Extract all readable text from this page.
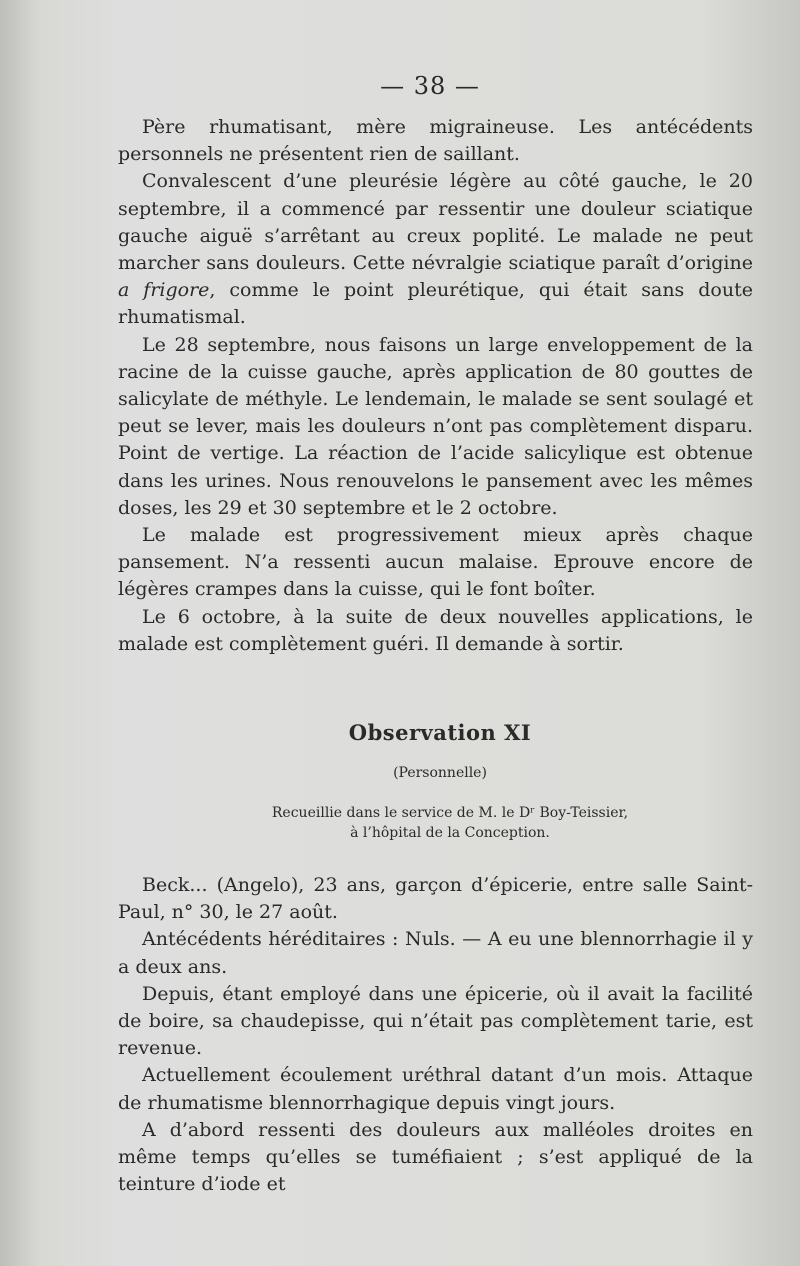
— 38 —

Père rhumatisant, mère migraineuse. Les antécédents personnels ne présentent rien de saillant.

Convalescent d’une pleurésie légère au côté gauche, le 20 septembre, il a commencé par ressentir une douleur sciatique gauche aiguë s’arrêtant au creux poplité. Le malade ne peut marcher sans douleurs. Cette névralgie sciatique paraît d’origine a frigore, comme le point pleurétique, qui était sans doute rhumatismal.

Le 28 septembre, nous faisons un large enveloppement de la racine de la cuisse gauche, après application de 80 gouttes de salicylate de méthyle. Le lendemain, le malade se sent soulagé et peut se lever, mais les douleurs n’ont pas complètement disparu. Point de vertige. La réaction de l’acide salicylique est obtenue dans les urines. Nous renouvelons le pansement avec les mêmes doses, les 29 et 30 septembre et le 2 octobre.

Le malade est progressivement mieux après chaque pansement. N’a ressenti aucun malaise. Eprouve encore de légères crampes dans la cuisse, qui le font boîter.

Le 6 octobre, à la suite de deux nouvelles applications, le malade est complètement guéri. Il demande à sortir.

Observation XI
(Personnelle)
Recueillie dans le service de M. le Dʳ Boy-Teissier,
à l’hôpital de la Conception.

Beck... (Angelo), 23 ans, garçon d’épicerie, entre salle Saint-Paul, n° 30, le 27 août.

Antécédents héréditaires : Nuls. — A eu une blennorrhagie il y a deux ans.

Depuis, étant employé dans une épicerie, où il avait la facilité de boire, sa chaudepisse, qui n’était pas complètement tarie, est revenue.

Actuellement écoulement uréthral datant d’un mois. Attaque de rhumatisme blennorrhagique depuis vingt jours.

A d’abord ressenti des douleurs aux malléoles droites en même temps qu’elles se tuméfiaient ; s’est appliqué de la teinture d’iode et
